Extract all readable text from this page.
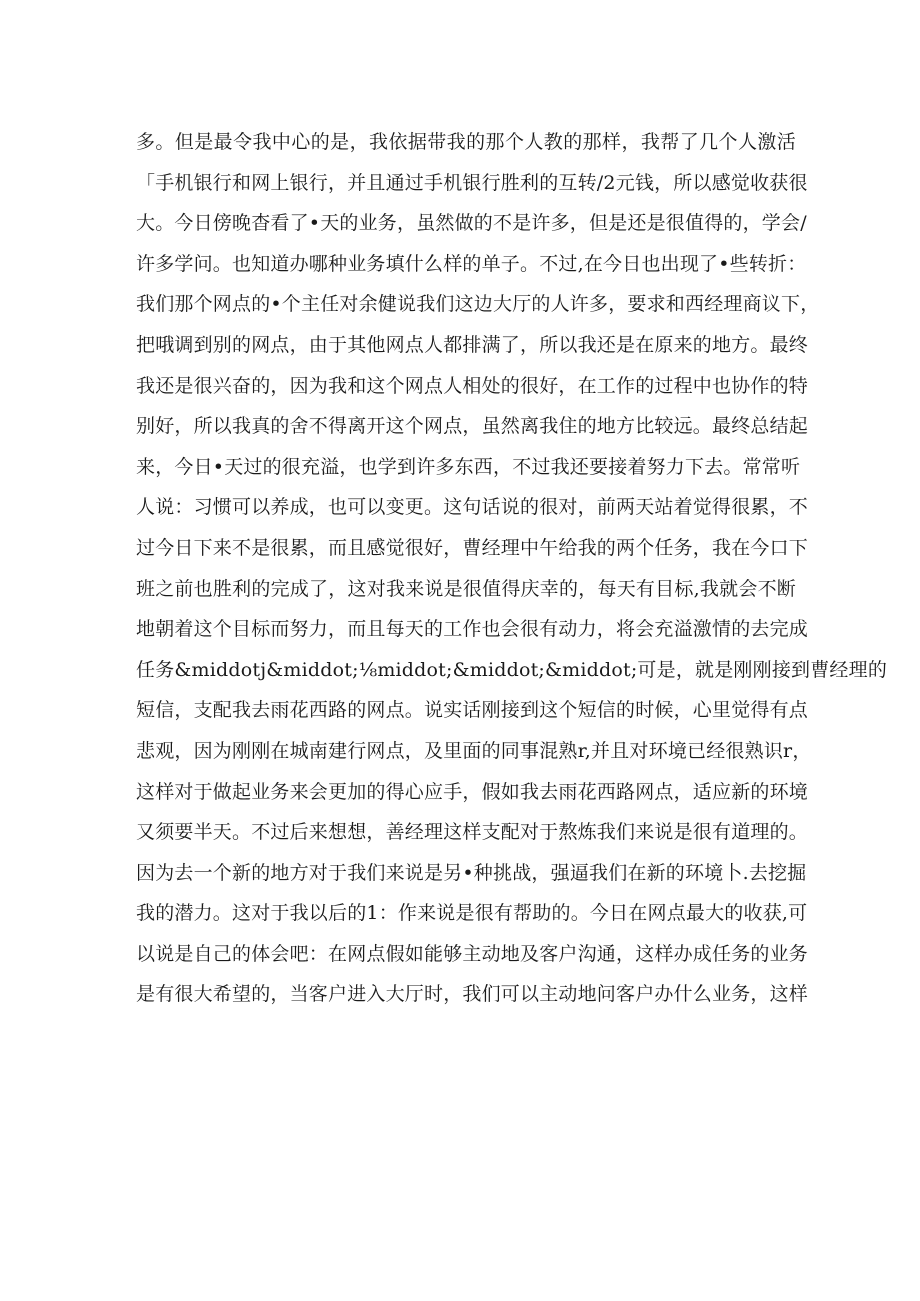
多。但是最令我中心的是，我依据带我的那个人教的那样，我帮了几个人激活
「手机银行和网上银行，并且通过手机银行胜利的互转/2元钱，所以感觉收获很
大。今日傍晚杳看了•天的业务，虽然做的不是许多，但是还是很值得的，学会/
许多学问。也知道办哪种业务填什么样的单子。不过,在今日也出现了•些转折：
我们那个网点的•个主任对余健说我们这边大厅的人许多，要求和西经理商议下，
把哦调到别的网点，由于其他网点人都排满了，所以我还是在原来的地方。最终
我还是很兴奋的，因为我和这个网点人相处的很好，在工作的过程中也协作的特
别好，所以我真的舍不得离开这个网点，虽然离我住的地方比较远。最终总结起
来，今日•天过的很充溢，也学到许多东西，不过我还要接着努力下去。常常听
人说：习惯可以养成，也可以变更。这句话说的很对，前两天站着觉得很累，不
过今日下来不是很累，而且感觉很好，曹经理中午给我的两个任务，我在今口下
班之前也胜利的完成了，这对我来说是很值得庆幸的，每天有目标,我就会不断
地朝着这个目标而努力，而且每天的工作也会很有动力，将会充溢激情的去完成
任务&middotj&middot;⅛middot;&middot;&middot;可是，就是刚刚接到曹经理的
短信，支配我去雨花西路的网点。说实话刚接到这个短信的时候，心里觉得有点
悲观，因为刚刚在城南建行网点，及里面的同事混熟r,并且对环境已经很熟识r，
这样对于做起业务来会更加的得心应手，假如我去雨花西路网点，适应新的环境
又须要半天。不过后来想想，善经理这样支配对于熬炼我们来说是很有道理的。
因为去一个新的地方对于我们来说是另•种挑战，强逼我们在新的环境卜.去挖掘
我的潜力。这对于我以后的1：作来说是很有帮助的。今日在网点最大的收获,可
以说是自己的体会吧：在网点假如能够主动地及客户沟通，这样办成任务的业务
是有很大希望的，当客户进入大厅时，我们可以主动地问客户办什么业务，这样
